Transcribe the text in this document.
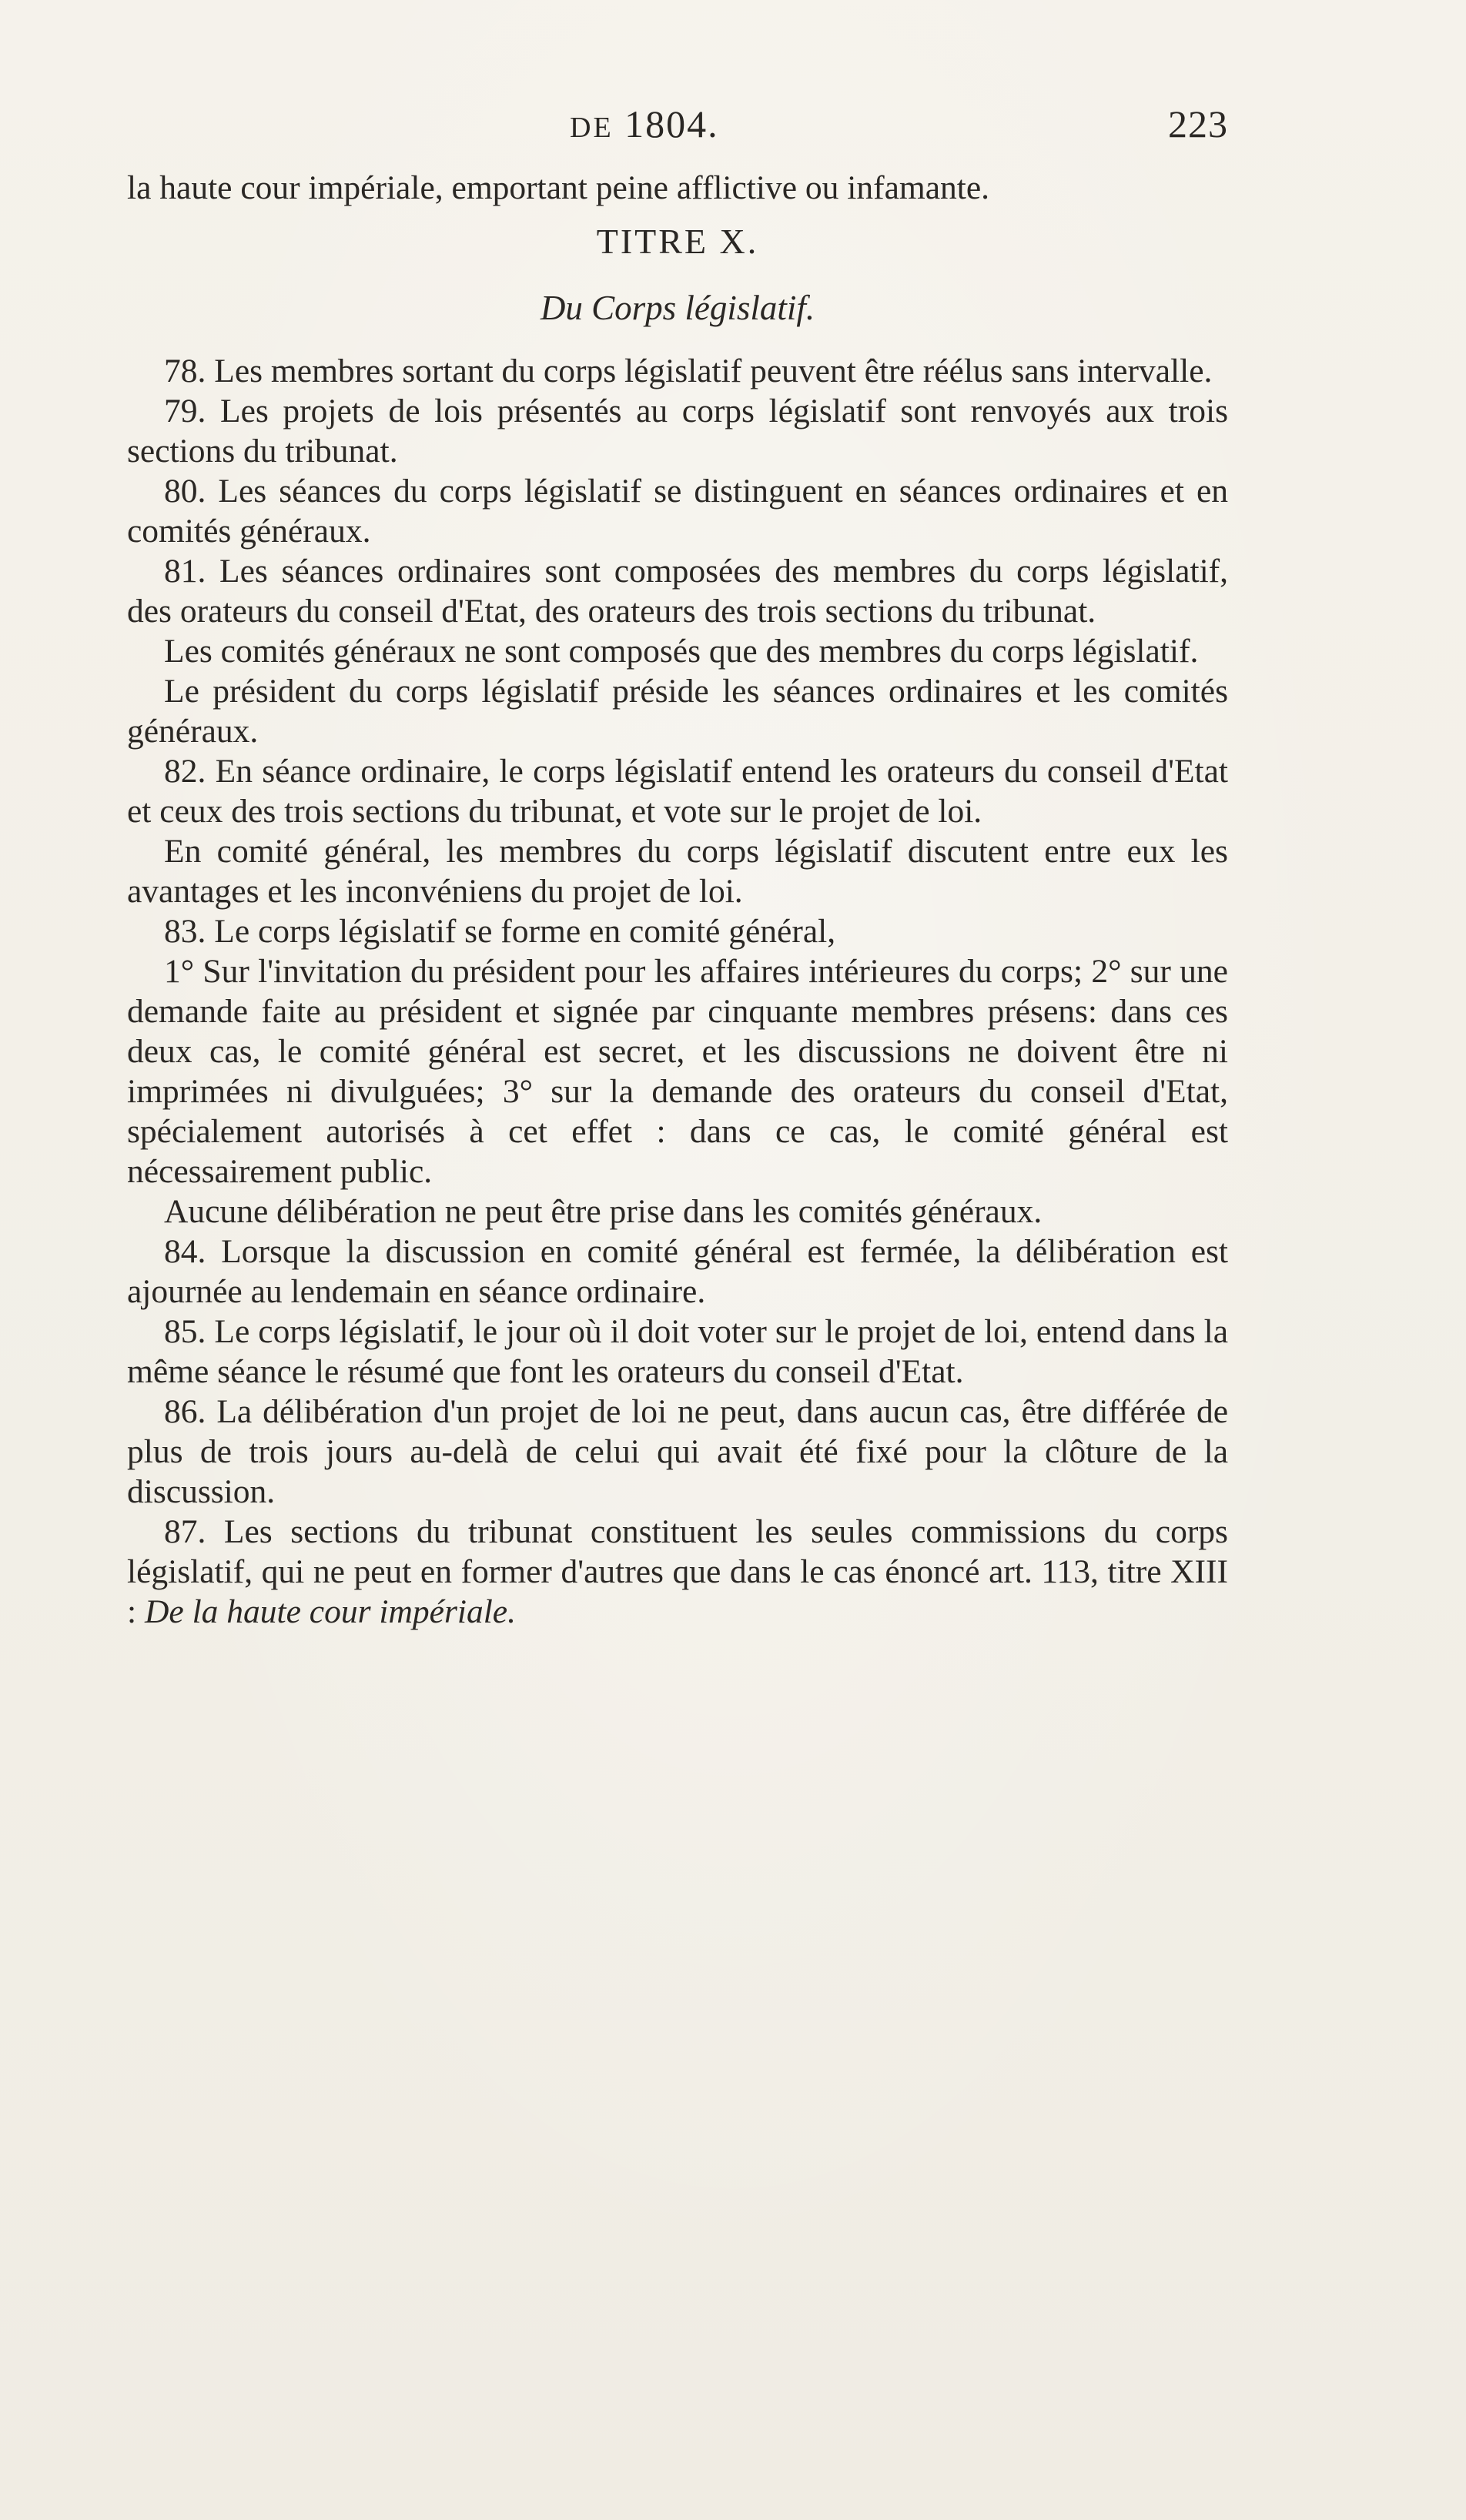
DE 1804.	223

la haute cour impériale, emportant peine afflictive ou infamante.

TITRE X.
Du Corps législatif.

78. Les membres sortant du corps législatif peuvent être réélus sans intervalle.

79. Les projets de lois présentés au corps législatif sont renvoyés aux trois sections du tribunat.

80. Les séances du corps législatif se distinguent en séances ordinaires et en comités généraux.

81. Les séances ordinaires sont composées des membres du corps législatif, des orateurs du conseil d'Etat, des orateurs des trois sections du tribunat.

Les comités généraux ne sont composés que des membres du corps législatif.

Le président du corps législatif préside les séances ordinaires et les comités généraux.

82. En séance ordinaire, le corps législatif entend les orateurs du conseil d'Etat et ceux des trois sections du tribunat, et vote sur le projet de loi.

En comité général, les membres du corps législatif discutent entre eux les avantages et les inconvéniens du projet de loi.

83. Le corps législatif se forme en comité général,

1° Sur l'invitation du président pour les affaires intérieures du corps; 2° sur une demande faite au président et signée par cinquante membres présens: dans ces deux cas, le comité général est secret, et les discussions ne doivent être ni imprimées ni divulguées; 3° sur la demande des orateurs du conseil d'Etat, spécialement autorisés à cet effet : dans ce cas, le comité général est nécessairement public.

Aucune délibération ne peut être prise dans les comités généraux.

84. Lorsque la discussion en comité général est fermée, la délibération est ajournée au lendemain en séance ordinaire.

85. Le corps législatif, le jour où il doit voter sur le projet de loi, entend dans la même séance le résumé que font les orateurs du conseil d'Etat.

86. La délibération d'un projet de loi ne peut, dans aucun cas, être différée de plus de trois jours au-delà de celui qui avait été fixé pour la clôture de la discussion.

87. Les sections du tribunat constituent les seules commissions du corps législatif, qui ne peut en former d'autres que dans le cas énoncé art. 113, titre XIII : De la haute cour impériale.
